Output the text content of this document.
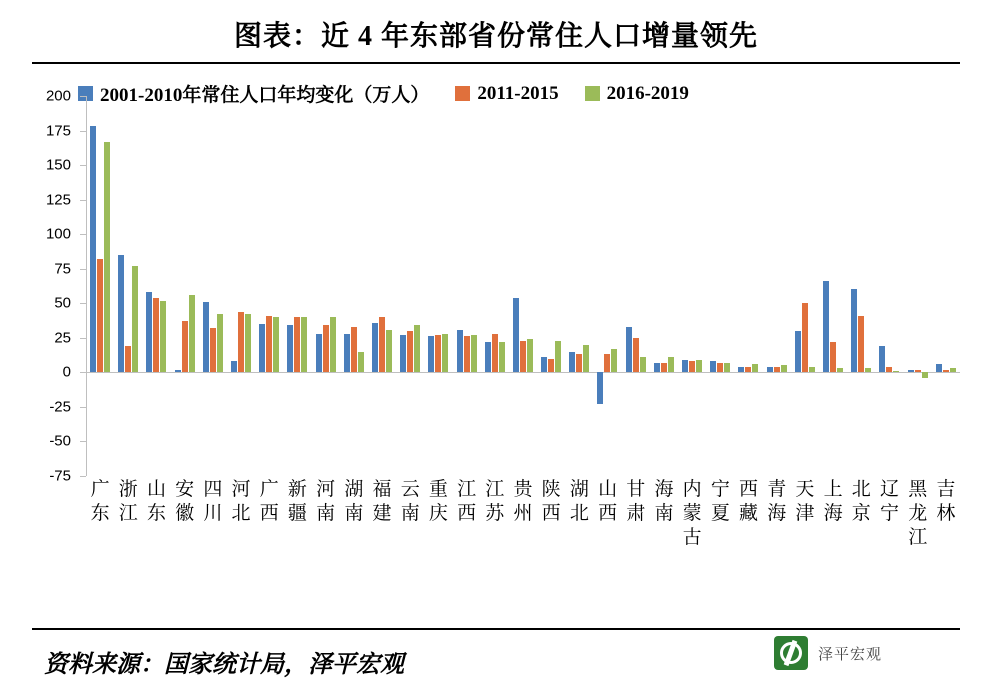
图表：近 4 年东部省份常住人口增量领先
2001-2010年常住人口年均变化（万人）	2011-2015	2016-2019
200
175
150
125
100
75
50
25
0
-25
-50
-75
广
东
浙
江
山
东
安
徽
四
川
河
北
广
西
新
疆
河
南
湖
南
福
建
云
南
重
庆
江
西
江
苏
贵
州
陕
西
湖
北
山
西
甘
肃
海
南
内
蒙
古
宁
夏
西
藏
青
海
天
津
上
海
北
京
辽
宁
黑
龙
江
吉
林
资料来源：国家统计局，泽平宏观	泽平宏观
